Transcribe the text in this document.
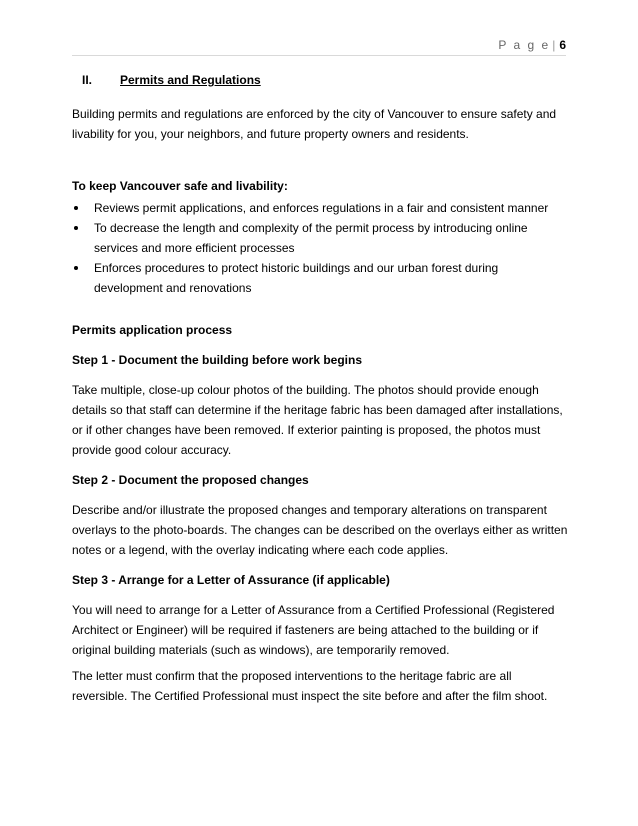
P a g e | 6
II.	Permits and Regulations

Building permits and regulations are enforced by the city of Vancouver to ensure safety and livability for you, your neighbors, and future property owners and residents.

To keep Vancouver safe and livability:

Reviews permit applications, and enforces regulations in a fair and consistent manner
To decrease the length and complexity of the permit process by introducing online services and more efficient processes
Enforces procedures to protect historic buildings and our urban forest during development and renovations

Permits application process

Step 1 - Document the building before work begins

Take multiple, close-up colour photos of the building. The photos should provide enough details so that staff can determine if the heritage fabric has been damaged after installations, or if other changes have been removed. If exterior painting is proposed, the photos must provide good colour accuracy.

Step 2 - Document the proposed changes

Describe and/or illustrate the proposed changes and temporary alterations on transparent overlays to the photo-boards. The changes can be described on the overlays either as written notes or a legend, with the overlay indicating where each code applies.

Step 3 - Arrange for a Letter of Assurance (if applicable)

You will need to arrange for a Letter of Assurance from a Certified Professional (Registered Architect or Engineer) will be required if fasteners are being attached to the building or if original building materials (such as windows), are temporarily removed.

The letter must confirm that the proposed interventions to the heritage fabric are all reversible. The Certified Professional must inspect the site before and after the film shoot.
